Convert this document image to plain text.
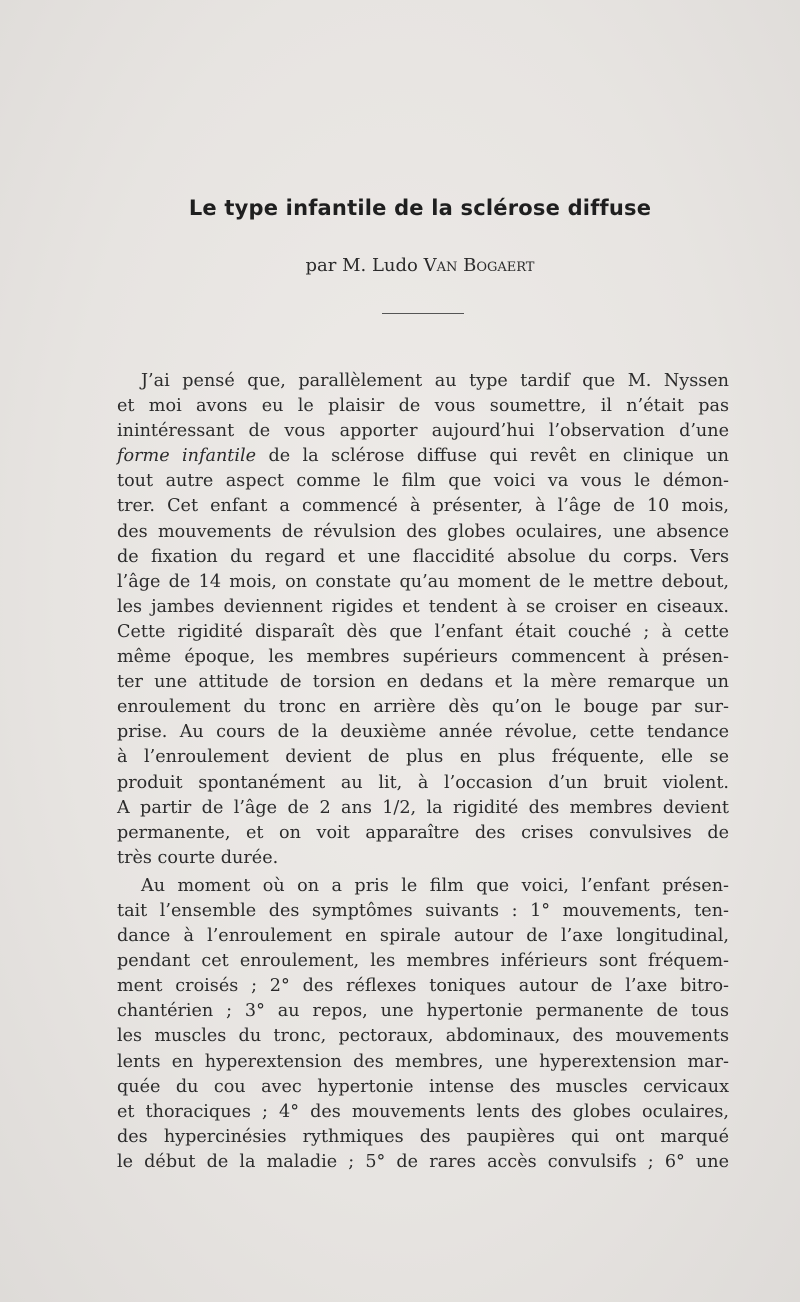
Le type infantile de la sclérose diffuse
par M. Ludo Van Bogaert
J’ai pensé que, parallèlement au type tardif que M. Nyssen
et moi avons eu le plaisir de vous soumettre, il n’était pas
inintéressant de vous apporter aujourd’hui l’observation d’une
forme infantile de la sclérose diffuse qui revêt en clinique un
tout autre aspect comme le film que voici va vous le démon-
trer. Cet enfant a commencé à présenter, à l’âge de 10 mois,
des mouvements de révulsion des globes oculaires, une absence
de fixation du regard et une flaccidité absolue du corps. Vers
l’âge de 14 mois, on constate qu’au moment de le mettre debout,
les jambes deviennent rigides et tendent à se croiser en ciseaux.
Cette rigidité disparaît dès que l’enfant était couché ; à cette
même époque, les membres supérieurs commencent à présen-
ter une attitude de torsion en dedans et la mère remarque un
enroulement du tronc en arrière dès qu’on le bouge par sur-
prise. Au cours de la deuxième année révolue, cette tendance
à l’enroulement devient de plus en plus fréquente, elle se
produit spontanément au lit, à l’occasion d’un bruit violent.
A partir de l’âge de 2 ans 1/2, la rigidité des membres devient
permanente, et on voit apparaître des crises convulsives de
très courte durée.
Au moment où on a pris le film que voici, l’enfant présen-
tait l’ensemble des symptômes suivants : 1° mouvements, ten-
dance à l’enroulement en spirale autour de l’axe longitudinal,
pendant cet enroulement, les membres inférieurs sont fréquem-
ment croisés ; 2° des réflexes toniques autour de l’axe bitro-
chantérien ; 3° au repos, une hypertonie permanente de tous
les muscles du tronc, pectoraux, abdominaux, des mouvements
lents en hyperextension des membres, une hyperextension mar-
quée du cou avec hypertonie intense des muscles cervicaux
et thoraciques ; 4° des mouvements lents des globes oculaires,
des hypercinésies rythmiques des paupières qui ont marqué
le début de la maladie ; 5° de rares accès convulsifs ; 6° une
